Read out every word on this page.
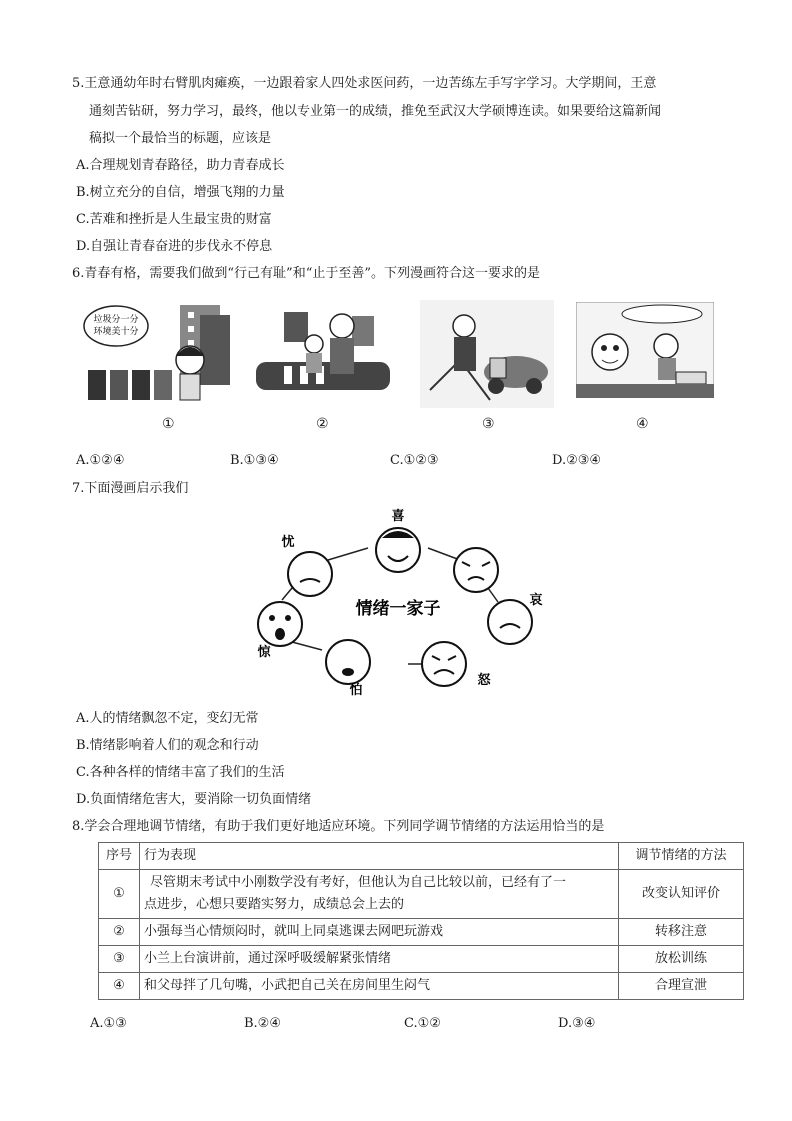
5.王意通幼年时右臂肌肉瘫痪，一边跟着家人四处求医问药，一边苦练左手写字学习。大学期间，王意
通刻苦钻研，努力学习，最终，他以专业第一的成绩，推免至武汉大学硕博连读。如果要给这篇新闻
稿拟一个最恰当的标题，应该是
A.合理规划青春路径，助力青春成长
B.树立充分的自信，增强飞翔的力量
C.苦难和挫折是人生最宝贵的财富
D.自强让青春奋进的步伐永不停息
6.青春有格，需要我们做到“行己有耻”和“止于至善”。下列漫画符合这一要求的是
垃圾分一分
环境美十分
①	②	③	④
A.①②④	B.①③④	C.①②③	D.②③④
7.下面漫画启示我们
喜
哀
怒
怕
惊
忧
情绪一家子
A.人的情绪飘忽不定，变幻无常
B.情绪影响着人们的观念和行动
C.各种各样的情绪丰富了我们的生活
D.负面情绪危害大，要消除一切负面情绪
8.学会合理地调节情绪，有助于我们更好地适应环境。下列同学调节情绪的方法运用恰当的是
序号	行为表现	调节情绪的方法
①	尽管期末考试中小刚数学没有考好，但他认为自己比较以前，已经有了一
点进步，心想只要踏实努力，成绩总会上去的	改变认知评价
②	小强每当心情烦闷时，就叫上同桌逃课去网吧玩游戏	转移注意
③	小兰上台演讲前，通过深呼吸缓解紧张情绪	放松训练
④	和父母拌了几句嘴，小武把自己关在房间里生闷气	合理宣泄
A.①③	B.②④	C.①②	D.③④
